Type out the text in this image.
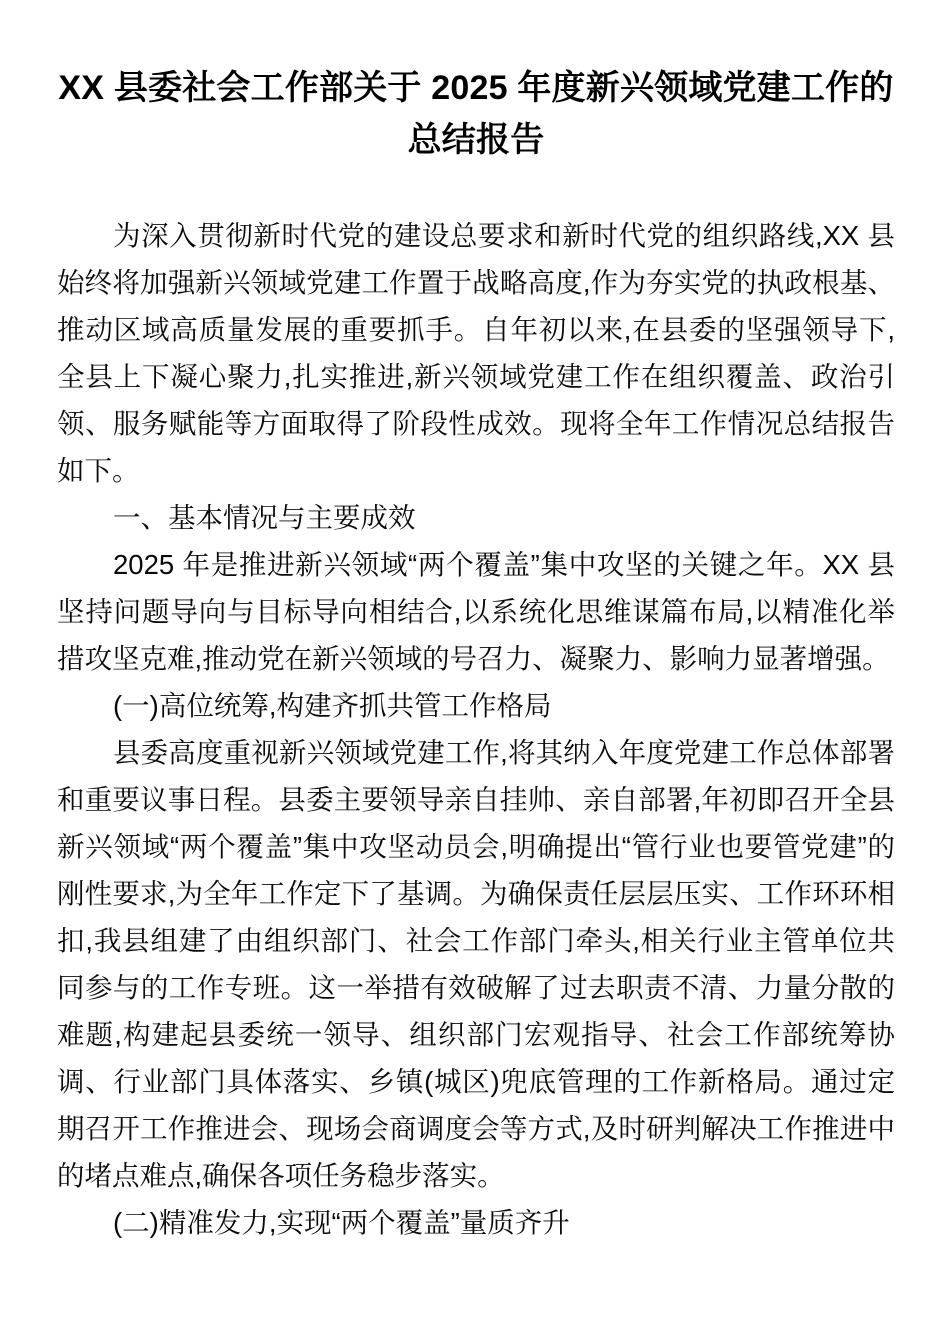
XX 县委社会工作部关于 2025 年度新兴领域党建工作的总结报告

为深入贯彻新时代党的建设总要求和新时代党的组织路线,XX 县始终将加强新兴领域党建工作置于战略高度,作为夯实党的执政根基、推动区域高质量发展的重要抓手。自年初以来,在县委的坚强领导下,全县上下凝心聚力,扎实推进,新兴领域党建工作在组织覆盖、政治引领、服务赋能等方面取得了阶段性成效。现将全年工作情况总结报告如下。

一、基本情况与主要成效

2025 年是推进新兴领域“两个覆盖”集中攻坚的关键之年。XX 县坚持问题导向与目标导向相结合,以系统化思维谋篇布局,以精准化举措攻坚克难,推动党在新兴领域的号召力、凝聚力、影响力显著增强。

(一)高位统筹,构建齐抓共管工作格局

县委高度重视新兴领域党建工作,将其纳入年度党建工作总体部署和重要议事日程。县委主要领导亲自挂帅、亲自部署,年初即召开全县新兴领域“两个覆盖”集中攻坚动员会,明确提出“管行业也要管党建”的刚性要求,为全年工作定下了基调。为确保责任层层压实、工作环环相扣,我县组建了由组织部门、社会工作部门牵头,相关行业主管单位共同参与的工作专班。这一举措有效破解了过去职责不清、力量分散的难题,构建起县委统一领导、组织部门宏观指导、社会工作部统筹协调、行业部门具体落实、乡镇(城区)兜底管理的工作新格局。通过定期召开工作推进会、现场会商调度会等方式,及时研判解决工作推进中的堵点难点,确保各项任务稳步落实。

(二)精准发力,实现“两个覆盖”量质齐升
